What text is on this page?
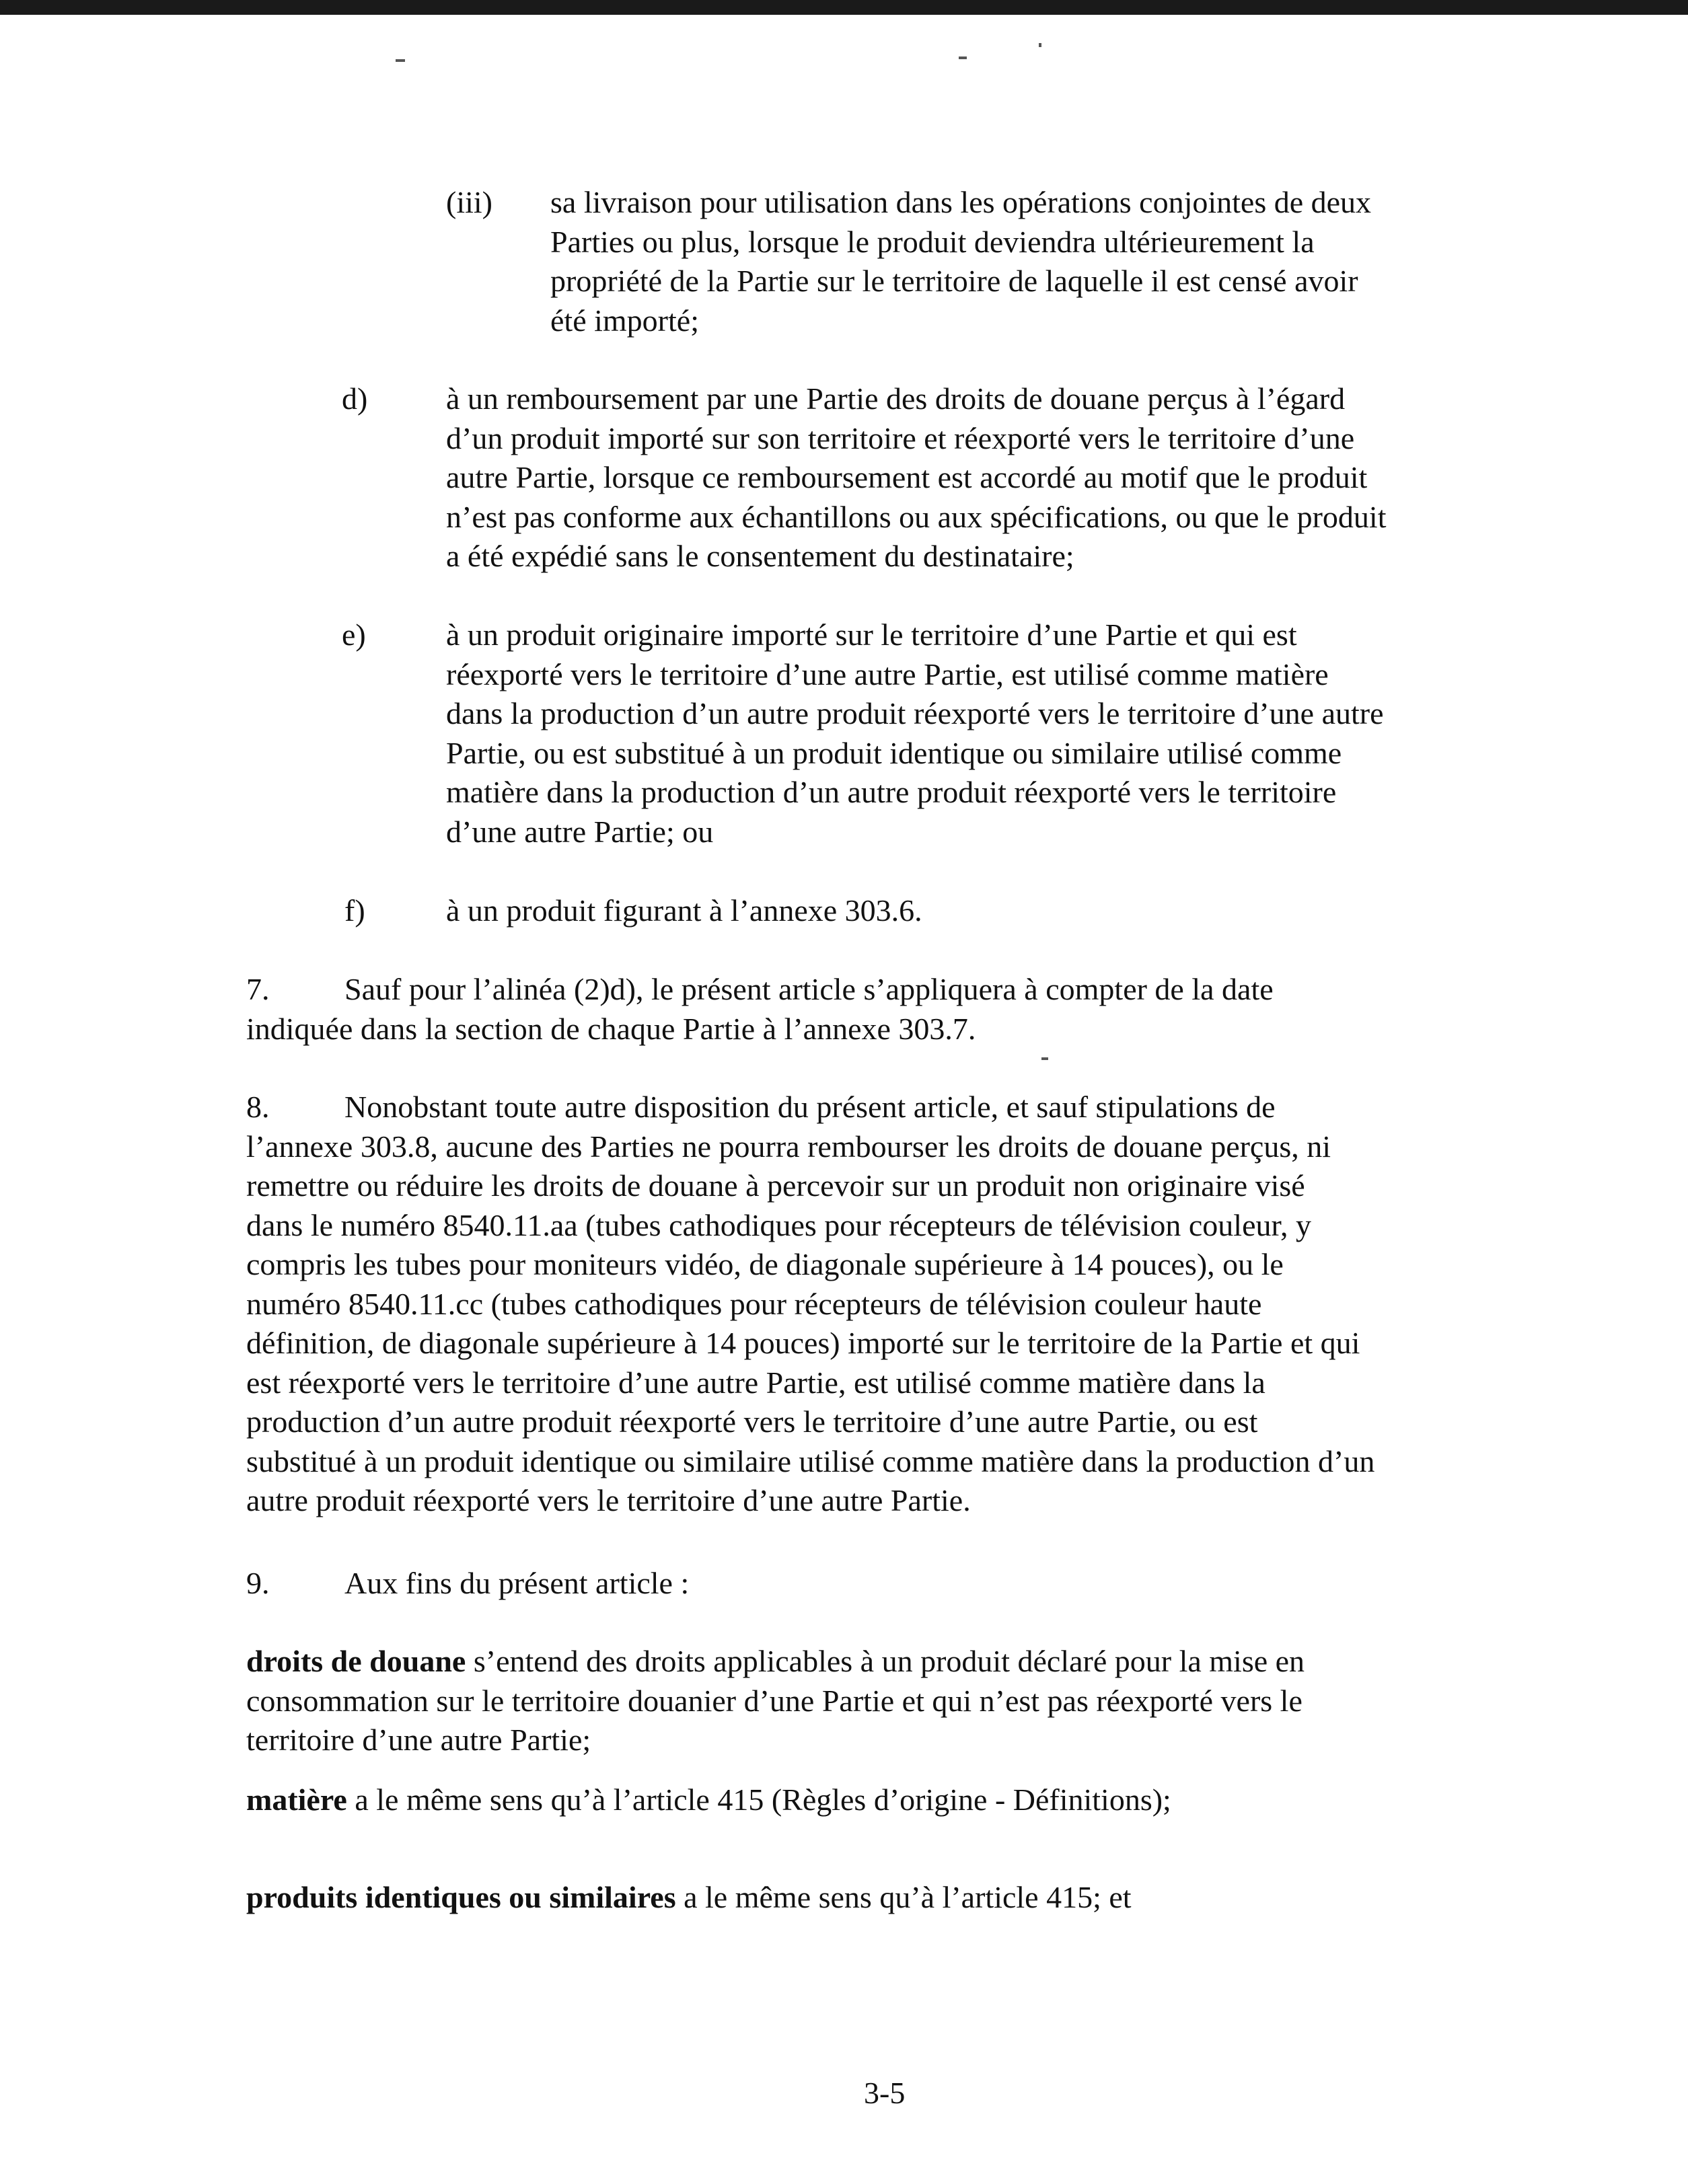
(iii) sa livraison pour utilisation dans les opérations conjointes de deux
Parties ou plus, lorsque le produit deviendra ultérieurement la
propriété de la Partie sur le territoire de laquelle il est censé avoir
été importé;
d)	à un remboursement par une Partie des droits de douane perçus à l’égard
d’un produit importé sur son territoire et réexporté vers le territoire d’une
autre Partie, lorsque ce remboursement est accordé au motif que le produit
n’est pas conforme aux échantillons ou aux spécifications, ou que le produit
a été expédié sans le consentement du destinataire;
e)	à un produit originaire importé sur le territoire d’une Partie et qui est
réexporté vers le territoire d’une autre Partie, est utilisé comme matière
dans la production d’un autre produit réexporté vers le territoire d’une autre
Partie, ou est substitué à un produit identique ou similaire utilisé comme
matière dans la production d’un autre produit réexporté vers le territoire
d’une autre Partie; ou
f)	à un produit figurant à l’annexe 303.6.
7.	Sauf pour l’alinéa (2)d), le présent article s’appliquera à compter de la date
indiquée dans la section de chaque Partie à l’annexe 303.7.
8.	Nonobstant toute autre disposition du présent article, et sauf stipulations de
l’annexe 303.8, aucune des Parties ne pourra rembourser les droits de douane perçus, ni
remettre ou réduire les droits de douane à percevoir sur un produit non originaire visé
dans le numéro 8540.11.aa (tubes cathodiques pour récepteurs de télévision couleur, y
compris les tubes pour moniteurs vidéo, de diagonale supérieure à 14 pouces), ou le
numéro 8540.11.cc (tubes cathodiques pour récepteurs de télévision couleur haute
définition, de diagonale supérieure à 14 pouces) importé sur le territoire de la Partie et qui
est réexporté vers le territoire d’une autre Partie, est utilisé comme matière dans la
production d’un autre produit réexporté vers le territoire d’une autre Partie, ou est
substitué à un produit identique ou similaire utilisé comme matière dans la production d’un
autre produit réexporté vers le territoire d’une autre Partie.
9.	Aux fins du présent article :
droits de douane s’entend des droits applicables à un produit déclaré pour la mise en
consommation sur le territoire douanier d’une Partie et qui n’est pas réexporté vers le
territoire d’une autre Partie;
matière a le même sens qu’à l’article 415 (Règles d’origine - Définitions);
produits identiques ou similaires a le même sens qu’à l’article 415; et
3-5
